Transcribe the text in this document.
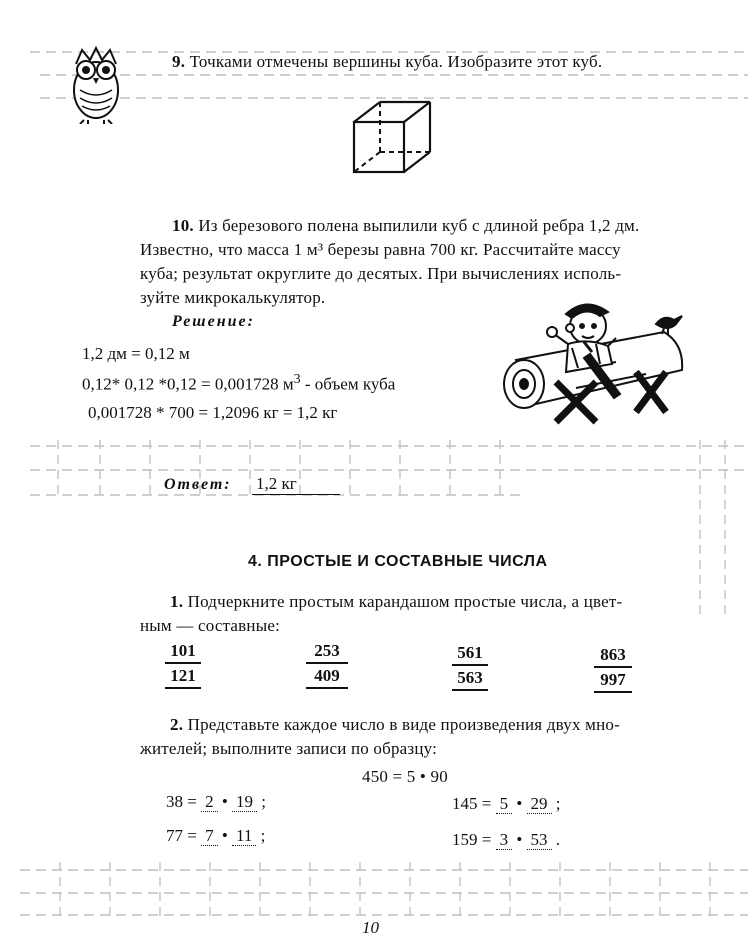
9. Точками отмечены вершины куба. Изобразите этот куб.
10. Из березового полена выпилили куб с длиной ребра 1,2 дм.
Известно, что масса 1 м³ березы равна 700 кг. Рассчитайте массу
куба; результат округлите до десятых. При вычислениях исполь-
зуйте микрокалькулятор.
Решение:
1,2 дм = 0,12 м
0,12* 0,12 *0,12 = 0,001728 $м^3$ - объем куба
0,001728 * 700 = 1,2096 кг = 1,2 кг
Ответ: 1,2 кг
4. ПРОСТЫЕ И СОСТАВНЫЕ ЧИСЛА
1. Подчеркните простым карандашом простые числа, а цвет-
ным — составные:
101
121
253
409
561
563
863
997
2. Представьте каждое число в виде произведения двух мно-
жителей; выполните записи по образцу:
450 = 5 • 90
38 = 2 • 19 ;	145 = 5 • 29 ;
77 = 7 • 11 ;	159 = 3 • 53 .
10
